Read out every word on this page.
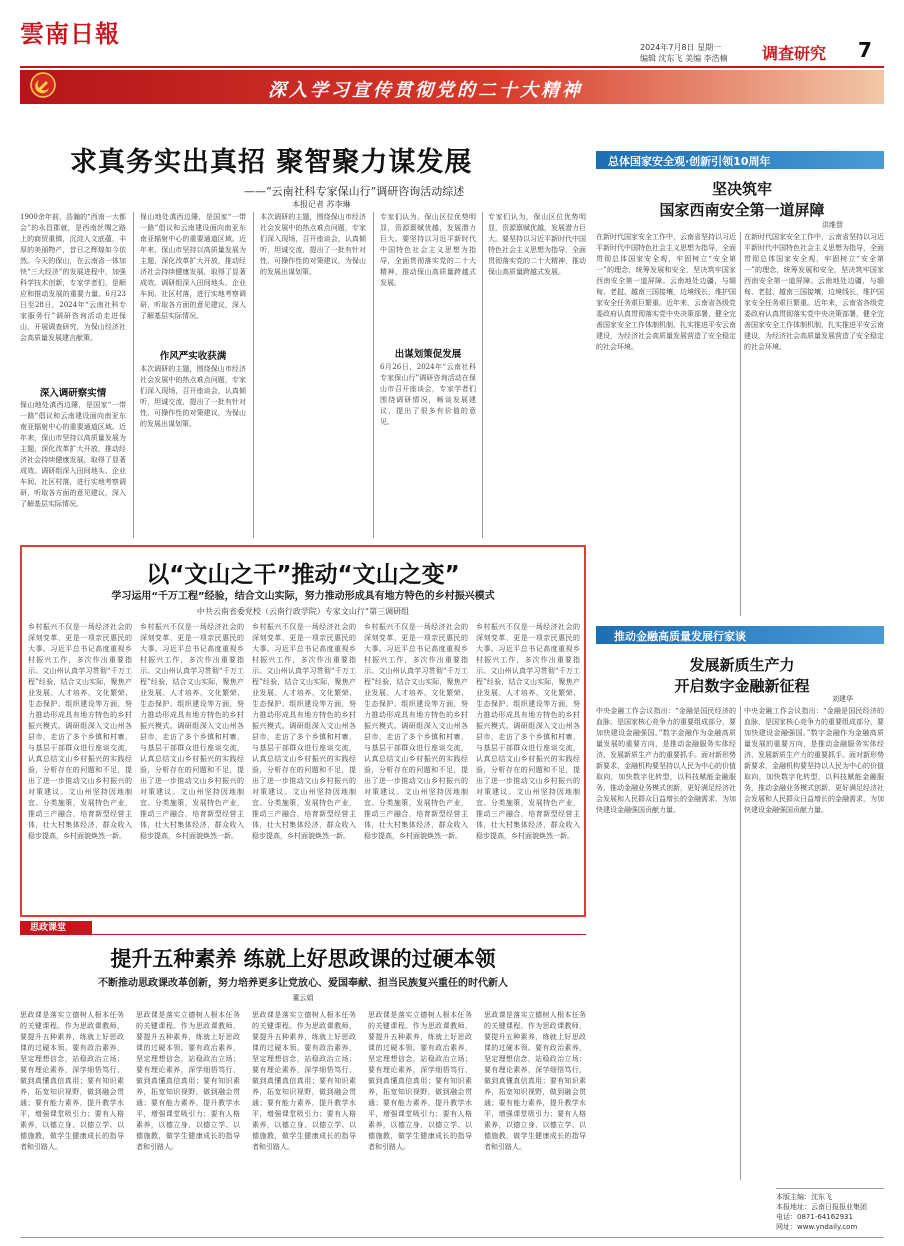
雲南日報	2024年7月8日 星期一
编辑 沈东飞 美编 李浩楠 调查研究 7
深入学习宣传贯彻党的二十大精神
求真务实出真招 聚智聚力谋发展
——“云南社科专家保山行”调研咨询活动综述
本报记者 苏李琳
1900余年前，浩瀚的“西南一大都会”的永昌郡就，是西南丝绸之路上的商贸重镇，沉淀人文底蕴，丰厚的美丽物产，昔日之辉煌如今依然。今天的保山，在云南省一体加快“三大经济”的发展进程中，加强科学技术创新，专家学者们，是顺应和推动发展的重要力量。6月23日至28日，2024年“云南社科专家服务行”调研咨询活动走进保山，开展调查研究，为保山经济社会高质量发展建言献策。
深入调研察实情
保山地处滇西边陲，是国家“一带一路”倡议和云南建设面向南亚东南亚辐射中心的重要通道区域。近年来，保山市坚持以高质量发展为主题，深化改革扩大开放，推动经济社会持续健康发展，取得了显著成效。调研组深入田间地头、企业车间、社区村落，进行实地考察调研，听取各方面的意见建议，深入了解基层实际情况。
保山地处滇西边陲，是国家“一带一路”倡议和云南建设面向南亚东南亚辐射中心的重要通道区域。近年来，保山市坚持以高质量发展为主题，深化改革扩大开放，推动经济社会持续健康发展，取得了显著成效。调研组深入田间地头、企业车间、社区村落，进行实地考察调研，听取各方面的意见建议，深入了解基层实际情况。
作风严实收获满
本次调研的主题，围绕保山市经济社会发展中的热点难点问题，专家们深入现场，召开座谈会，认真倾听，坦诚交流，提出了一批有针对性、可操作性的对策建议，为保山的发展出谋划策。
本次调研的主题，围绕保山市经济社会发展中的热点难点问题，专家们深入现场，召开座谈会，认真倾听，坦诚交流，提出了一批有针对性、可操作性的对策建议，为保山的发展出谋划策。
专家们认为，保山区位优势明显，资源禀赋优越，发展潜力巨大。要坚持以习近平新时代中国特色社会主义思想为指导，全面贯彻落实党的二十大精神，推动保山高质量跨越式发展。
出谋划策促发展
6月26日，2024年“云南社科专家保山行”调研咨询活动在保山市召开座谈会，专家学者们围绕调研情况，畅谈发展建议，提出了很多有价值的意见。
专家们认为，保山区位优势明显，资源禀赋优越，发展潜力巨大。要坚持以习近平新时代中国特色社会主义思想为指导，全面贯彻落实党的二十大精神，推动保山高质量跨越式发展。
总体国家安全观·创新引领10周年
坚决筑牢
国家西南安全第一道屏障
洪维智
在新时代国家安全工作中，云南省坚持以习近平新时代中国特色社会主义思想为指导，全面贯彻总体国家安全观，牢固树立“安全第一”的理念，统筹发展和安全，坚决筑牢国家西南安全第一道屏障。云南地处边疆，与缅甸、老挝、越南三国接壤，边境线长，维护国家安全任务艰巨繁重。近年来，云南省各级党委政府认真贯彻落实党中央决策部署，健全完善国家安全工作体制机制，扎实推进平安云南建设，为经济社会高质量发展营造了安全稳定的社会环境。
在新时代国家安全工作中，云南省坚持以习近平新时代中国特色社会主义思想为指导，全面贯彻总体国家安全观，牢固树立“安全第一”的理念，统筹发展和安全，坚决筑牢国家西南安全第一道屏障。云南地处边疆，与缅甸、老挝、越南三国接壤，边境线长，维护国家安全任务艰巨繁重。近年来，云南省各级党委政府认真贯彻落实党中央决策部署，健全完善国家安全工作体制机制，扎实推进平安云南建设，为经济社会高质量发展营造了安全稳定的社会环境。
以“文山之干”推动“文山之变”
学习运用“千万工程”经验，结合文山实际，努力推动形成具有地方特色的乡村振兴模式
中共云南省委党校（云南行政学院）专家文山行“第三调研组
乡村振兴不仅是一场经济社会的深刻变革，更是一项亲民惠民的大事。习近平总书记高度重视乡村振兴工作，多次作出重要指示。文山州认真学习贯彻“千万工程”经验，结合文山实际，聚焦产业发展、人才培养、文化繁荣、生态保护、组织建设等方面，努力推动形成具有地方特色的乡村振兴模式。调研组深入文山州各县市，走访了多个乡镇和村寨，与基层干部群众进行座谈交流，认真总结文山乡村振兴的实践经验，分析存在的问题和不足，提出了进一步推动文山乡村振兴的对策建议。文山州坚持因地制宜、分类施策，发展特色产业，推动三产融合，培育新型经营主体，壮大村集体经济，群众收入稳步提高，乡村面貌焕然一新。
乡村振兴不仅是一场经济社会的深刻变革，更是一项亲民惠民的大事。习近平总书记高度重视乡村振兴工作，多次作出重要指示。文山州认真学习贯彻“千万工程”经验，结合文山实际，聚焦产业发展、人才培养、文化繁荣、生态保护、组织建设等方面，努力推动形成具有地方特色的乡村振兴模式。调研组深入文山州各县市，走访了多个乡镇和村寨，与基层干部群众进行座谈交流，认真总结文山乡村振兴的实践经验，分析存在的问题和不足，提出了进一步推动文山乡村振兴的对策建议。文山州坚持因地制宜、分类施策，发展特色产业，推动三产融合，培育新型经营主体，壮大村集体经济，群众收入稳步提高，乡村面貌焕然一新。
乡村振兴不仅是一场经济社会的深刻变革，更是一项亲民惠民的大事。习近平总书记高度重视乡村振兴工作，多次作出重要指示。文山州认真学习贯彻“千万工程”经验，结合文山实际，聚焦产业发展、人才培养、文化繁荣、生态保护、组织建设等方面，努力推动形成具有地方特色的乡村振兴模式。调研组深入文山州各县市，走访了多个乡镇和村寨，与基层干部群众进行座谈交流，认真总结文山乡村振兴的实践经验，分析存在的问题和不足，提出了进一步推动文山乡村振兴的对策建议。文山州坚持因地制宜、分类施策，发展特色产业，推动三产融合，培育新型经营主体，壮大村集体经济，群众收入稳步提高，乡村面貌焕然一新。
乡村振兴不仅是一场经济社会的深刻变革，更是一项亲民惠民的大事。习近平总书记高度重视乡村振兴工作，多次作出重要指示。文山州认真学习贯彻“千万工程”经验，结合文山实际，聚焦产业发展、人才培养、文化繁荣、生态保护、组织建设等方面，努力推动形成具有地方特色的乡村振兴模式。调研组深入文山州各县市，走访了多个乡镇和村寨，与基层干部群众进行座谈交流，认真总结文山乡村振兴的实践经验，分析存在的问题和不足，提出了进一步推动文山乡村振兴的对策建议。文山州坚持因地制宜、分类施策，发展特色产业，推动三产融合，培育新型经营主体，壮大村集体经济，群众收入稳步提高，乡村面貌焕然一新。
乡村振兴不仅是一场经济社会的深刻变革，更是一项亲民惠民的大事。习近平总书记高度重视乡村振兴工作，多次作出重要指示。文山州认真学习贯彻“千万工程”经验，结合文山实际，聚焦产业发展、人才培养、文化繁荣、生态保护、组织建设等方面，努力推动形成具有地方特色的乡村振兴模式。调研组深入文山州各县市，走访了多个乡镇和村寨，与基层干部群众进行座谈交流，认真总结文山乡村振兴的实践经验，分析存在的问题和不足，提出了进一步推动文山乡村振兴的对策建议。文山州坚持因地制宜、分类施策，发展特色产业，推动三产融合，培育新型经营主体，壮大村集体经济，群众收入稳步提高，乡村面貌焕然一新。
推动金融高质量发展行家谈
发展新质生产力
开启数字金融新征程
刘建华
中央金融工作会议指出：“金融是国民经济的血脉，是国家核心竞争力的重要组成部分，要加快建设金融强国。”数字金融作为金融高质量发展的重要方向，是推动金融服务实体经济、发展新质生产力的重要抓手。面对新形势新要求，金融机构要坚持以人民为中心的价值取向，加快数字化转型，以科技赋能金融服务，推动金融业务模式创新，更好满足经济社会发展和人民群众日益增长的金融需求，为加快建设金融强国贡献力量。
中央金融工作会议指出：“金融是国民经济的血脉，是国家核心竞争力的重要组成部分，要加快建设金融强国。”数字金融作为金融高质量发展的重要方向，是推动金融服务实体经济、发展新质生产力的重要抓手。面对新形势新要求，金融机构要坚持以人民为中心的价值取向，加快数字化转型，以科技赋能金融服务，推动金融业务模式创新，更好满足经济社会发展和人民群众日益增长的金融需求，为加快建设金融强国贡献力量。
思政课堂
提升五种素养 练就上好思政课的过硬本领
不断推动思政课改革创新，努力培养更多让党放心、爱国奉献、担当民族复兴重任的时代新人
董云娟
思政课是落实立德树人根本任务的关键课程。作为思政课教师，要提升五种素养，练就上好思政课的过硬本领。要有政治素养，坚定理想信念，站稳政治立场；要有理论素养，深学细悟笃行，做到真懂真信真用；要有知识素养，拓宽知识视野，做到融会贯通；要有能力素养，提升教学水平，增强课堂吸引力；要有人格素养，以德立身、以德立学、以德施教，做学生健康成长的指导者和引路人。
思政课是落实立德树人根本任务的关键课程。作为思政课教师，要提升五种素养，练就上好思政课的过硬本领。要有政治素养，坚定理想信念，站稳政治立场；要有理论素养，深学细悟笃行，做到真懂真信真用；要有知识素养，拓宽知识视野，做到融会贯通；要有能力素养，提升教学水平，增强课堂吸引力；要有人格素养，以德立身、以德立学、以德施教，做学生健康成长的指导者和引路人。
思政课是落实立德树人根本任务的关键课程。作为思政课教师，要提升五种素养，练就上好思政课的过硬本领。要有政治素养，坚定理想信念，站稳政治立场；要有理论素养，深学细悟笃行，做到真懂真信真用；要有知识素养，拓宽知识视野，做到融会贯通；要有能力素养，提升教学水平，增强课堂吸引力；要有人格素养，以德立身、以德立学、以德施教，做学生健康成长的指导者和引路人。
思政课是落实立德树人根本任务的关键课程。作为思政课教师，要提升五种素养，练就上好思政课的过硬本领。要有政治素养，坚定理想信念，站稳政治立场；要有理论素养，深学细悟笃行，做到真懂真信真用；要有知识素养，拓宽知识视野，做到融会贯通；要有能力素养，提升教学水平，增强课堂吸引力；要有人格素养，以德立身、以德立学、以德施教，做学生健康成长的指导者和引路人。
思政课是落实立德树人根本任务的关键课程。作为思政课教师，要提升五种素养，练就上好思政课的过硬本领。要有政治素养，坚定理想信念，站稳政治立场；要有理论素养，深学细悟笃行，做到真懂真信真用；要有知识素养，拓宽知识视野，做到融会贯通；要有能力素养，提升教学水平，增强课堂吸引力；要有人格素养，以德立身、以德立学、以德施教，做学生健康成长的指导者和引路人。
本版主编：沈东飞
本报地址：云南日报报业集团
电话：0871-64162931
网址：www.yndaily.com
